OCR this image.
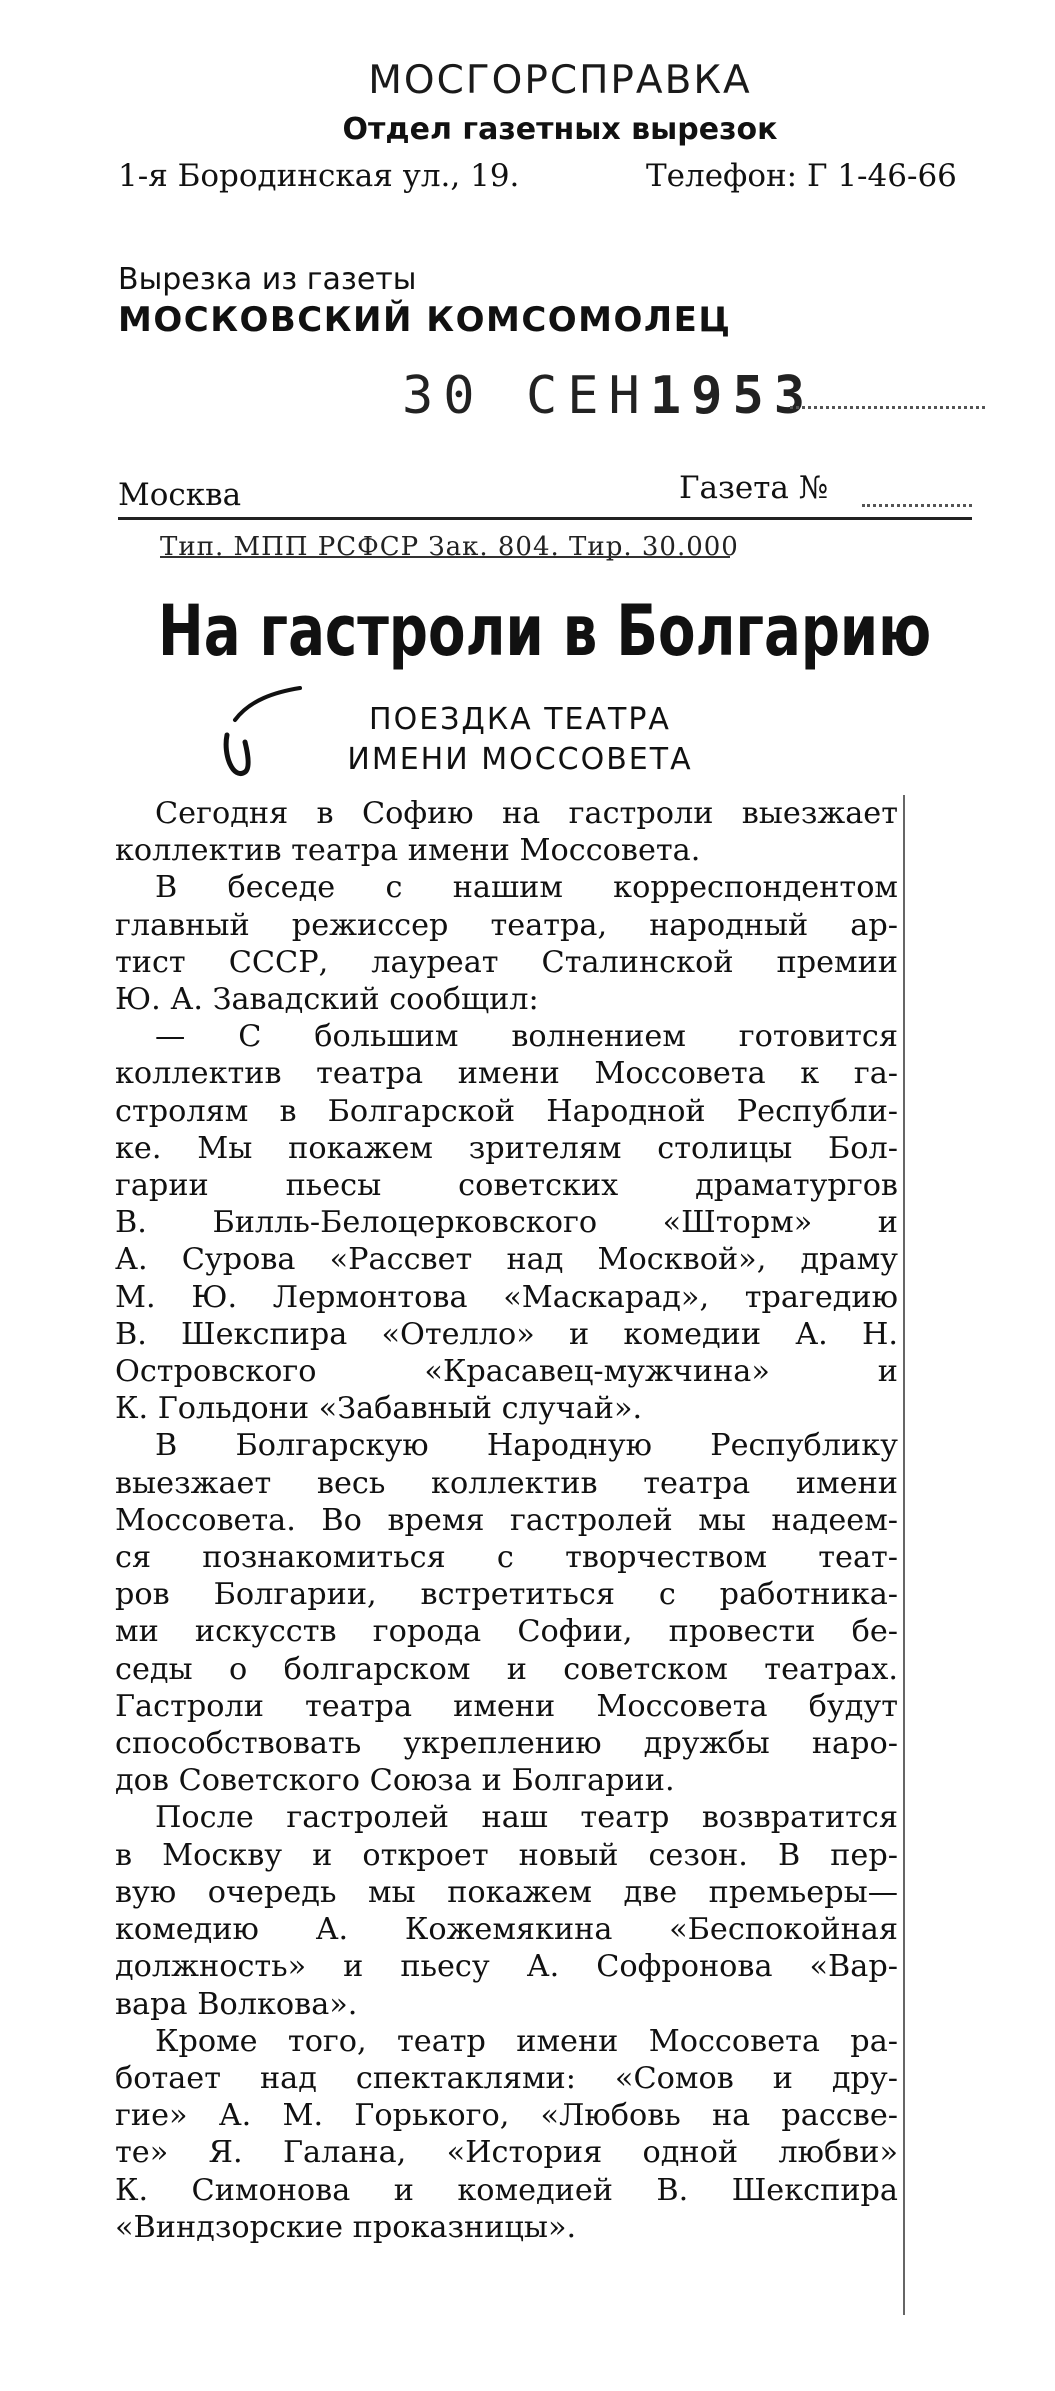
МОСГОРСПРАВКА
Отдел газетных вырезок
1-я Бородинская ул., 19.	Телефон: Г 1-46-66
Вырезка из газеты
МОСКОВСКИЙ КОМСОМОЛЕЦ
30 СЕН1953
Москва	Газета №
Тип. МПП РСФСР Зак. 804. Тир. 30.000
На гастроли в Болгарию
ПОЕЗДКА ТЕАТРА
ИМЕНИ МОССОВЕТА

Сегодня в Софию на гастроли выезжает
коллектив театра имени Моссовета.

В беседе с нашим корреспондентом
главный режиссер театра, народный ар-
тист СССР, лауреат Сталинской премии
Ю. А. Завадский сообщил:

— С большим волнением готовится
коллектив театра имени Моссовета к га-
стролям в Болгарской Народной Республи-
ке. Мы покажем зрителям столицы Бол-
гарии пьесы советских драматургов
В. Билль-Белоцерковского «Шторм» и
А. Сурова «Рассвет над Москвой», драму
М. Ю. Лермонтова «Маскарад», трагедию
В. Шекспира «Отелло» и комедии А. Н.
Островского «Красавец-мужчина» и
К. Гольдони «Забавный случай».

В Болгарскую Народную Республику
выезжает весь коллектив театра имени
Моссовета. Во время гастролей мы надеем-
ся познакомиться с творчеством теат-
ров Болгарии, встретиться с работника-
ми искусств города Софии, провести бе-
седы о болгарском и советском театрах.
Гастроли театра имени Моссовета будут
способствовать укреплению дружбы наро-
дов Советского Союза и Болгарии.

После гастролей наш театр возвратится
в Москву и откроет новый сезон. В пер-
вую очередь мы покажем две премьеры—
комедию А. Кожемякина «Беспокойная
должность» и пьесу А. Софронова «Вар-
вара Волкова».

Кроме того, театр имени Моссовета ра-
ботает над спектаклями: «Сомов и дру-
гие» А. М. Горького, «Любовь на рассве-
те» Я. Галана, «История одной любви»
К. Симонова и комедией В. Шекспира
«Виндзорские проказницы».
